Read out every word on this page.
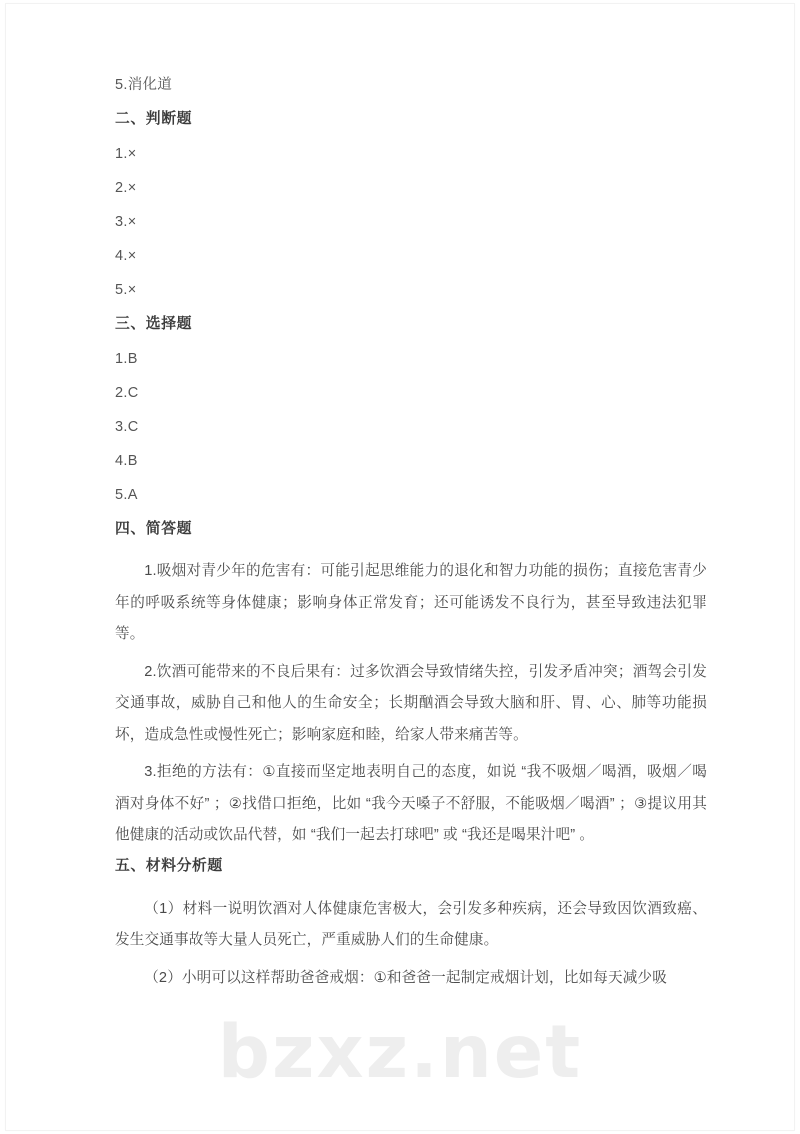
bzxz.net
5.消化道
二、判断题
1.×
2.×
3.×
4.×
5.×
三、选择题
1.B
2.C
3.C
4.B
5.A
四、简答题

1.吸烟对青少年的危害有：可能引起思维能力的退化和智力功能的损伤；直接危害青少年的呼吸系统等身体健康；影响身体正常发育；还可能诱发不良行为，甚至导致违法犯罪等。

2.饮酒可能带来的不良后果有：过多饮酒会导致情绪失控，引发矛盾冲突；酒驾会引发交通事故，威胁自己和他人的生命安全；长期酗酒会导致大脑和肝、胃、心、肺等功能损坏，造成急性或慢性死亡；影响家庭和睦，给家人带来痛苦等。

3.拒绝的方法有：①直接而坚定地表明自己的态度，如说 “我不吸烟／喝酒，吸烟／喝酒对身体不好” ；②找借口拒绝，比如 “我今天嗓子不舒服，不能吸烟／喝酒” ；③提议用其他健康的活动或饮品代替，如 “我们一起去打球吧” 或 “我还是喝果汁吧” 。

五、材料分析题

（1）材料一说明饮酒对人体健康危害极大，会引发多种疾病，还会导致因饮酒致癌、发生交通事故等大量人员死亡，严重威胁人们的生命健康。

（2）小明可以这样帮助爸爸戒烟：①和爸爸一起制定戒烟计划，比如每天减少吸
